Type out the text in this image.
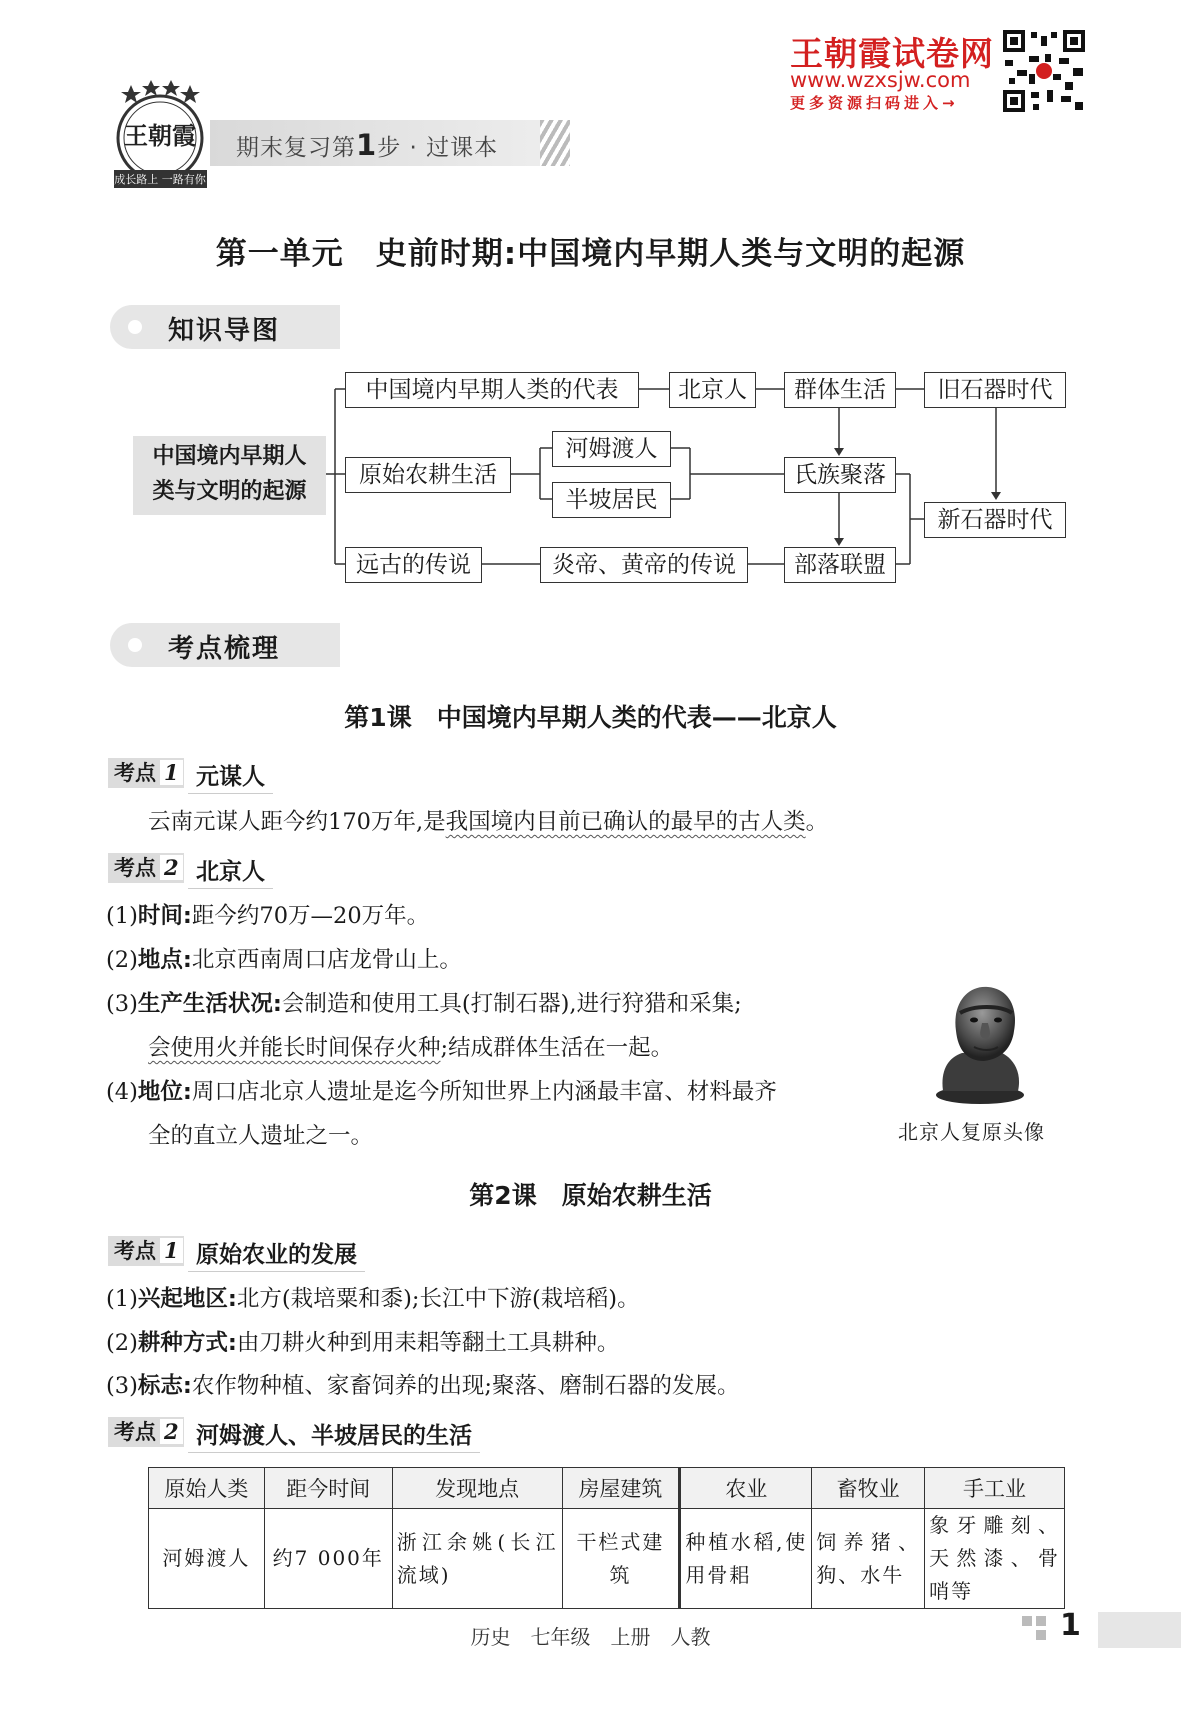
王朝霞
成长路上 一路有你
期末复习第1步 · 过课本
王朝霞试卷网
www.wzxsjw.com
更多资源扫码进入→
第一单元　史前时期:中国境内早期人类与文明的起源
知识导图
中国境内早期人
类与文明的起源
中国境内早期人类的代表	北京人	群体生活	旧石器时代
原始农耕生活
河姆渡人
半坡居民
氏族聚落
新石器时代
远古的传说	炎帝、黄帝的传说	部落联盟
考点梳理
第1课　中国境内早期人类的代表——北京人
考点 1 元谋人
云南元谋人距今约170万年,是我国境内目前已确认的最早的古人类。
考点 2 北京人
(1)时间:距今约70万—20万年。
(2)地点:北京西南周口店龙骨山上。
(3)生产生活状况:会制造和使用工具(打制石器),进行狩猎和采集;
会使用火并能长时间保存火种;结成群体生活在一起。
(4)地位:周口店北京人遗址是迄今所知世界上内涵最丰富、材料最齐
全的直立人遗址之一。	北京人复原头像
第2课　原始农耕生活
考点 1 原始农业的发展
(1)兴起地区:北方(栽培粟和黍);长江中下游(栽培稻)。
(2)耕种方式:由刀耕火种到用耒耜等翻土工具耕种。
(3)标志:农作物种植、家畜饲养的出现;聚落、磨制石器的发展。
考点 2 河姆渡人、半坡居民的生活
原始人类	距今时间	发现地点	房屋建筑	农业	畜牧业	手工业
河姆渡人	约7 000年	浙江余姚(长江流域)	干栏式建筑	种植水稻,使用骨耜	饲养猪、狗、水牛	象牙雕刻、天然漆、骨哨等
历史　七年级　上册　人教	1
